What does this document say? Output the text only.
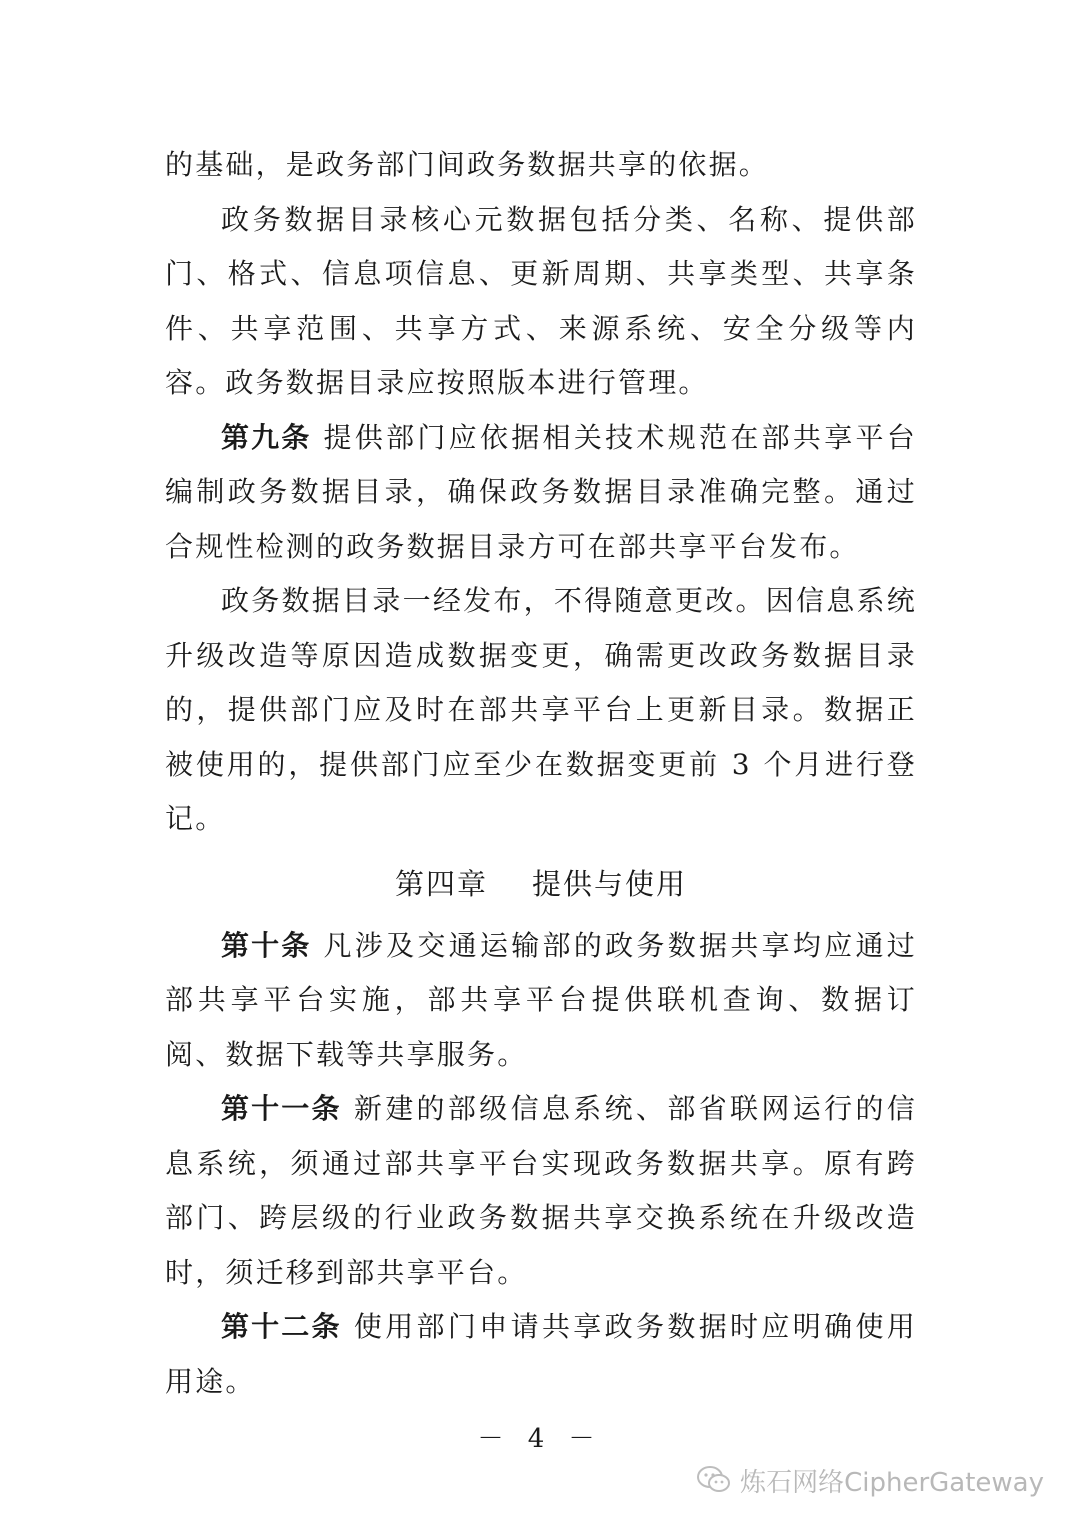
的基础，是政务部门间政务数据共享的依据。

政务数据目录核心元数据包括分类、名称、提供部门、格式、信息项信息、更新周期、共享类型、共享条件、共享范围、共享方式、来源系统、安全分级等内容。政务数据目录应按照版本进行管理。

第九条 提供部门应依据相关技术规范在部共享平台编制政务数据目录，确保政务数据目录准确完整。通过合规性检测的政务数据目录方可在部共享平台发布。

政务数据目录一经发布，不得随意更改。因信息系统升级改造等原因造成数据变更，确需更改政务数据目录的，提供部门应及时在部共享平台上更新目录。数据正被使用的，提供部门应至少在数据变更前 3 个月进行登记。

第四章 提供与使用

第十条 凡涉及交通运输部的政务数据共享均应通过部共享平台实施，部共享平台提供联机查询、数据订阅、数据下载等共享服务。

第十一条 新建的部级信息系统、部省联网运行的信息系统，须通过部共享平台实现政务数据共享。原有跨部门、跨层级的行业政务数据共享交换系统在升级改造时，须迁移到部共享平台。

第十二条 使用部门申请共享政务数据时应明确使用用途。

－ 4 －
炼石网络CipherGateway
